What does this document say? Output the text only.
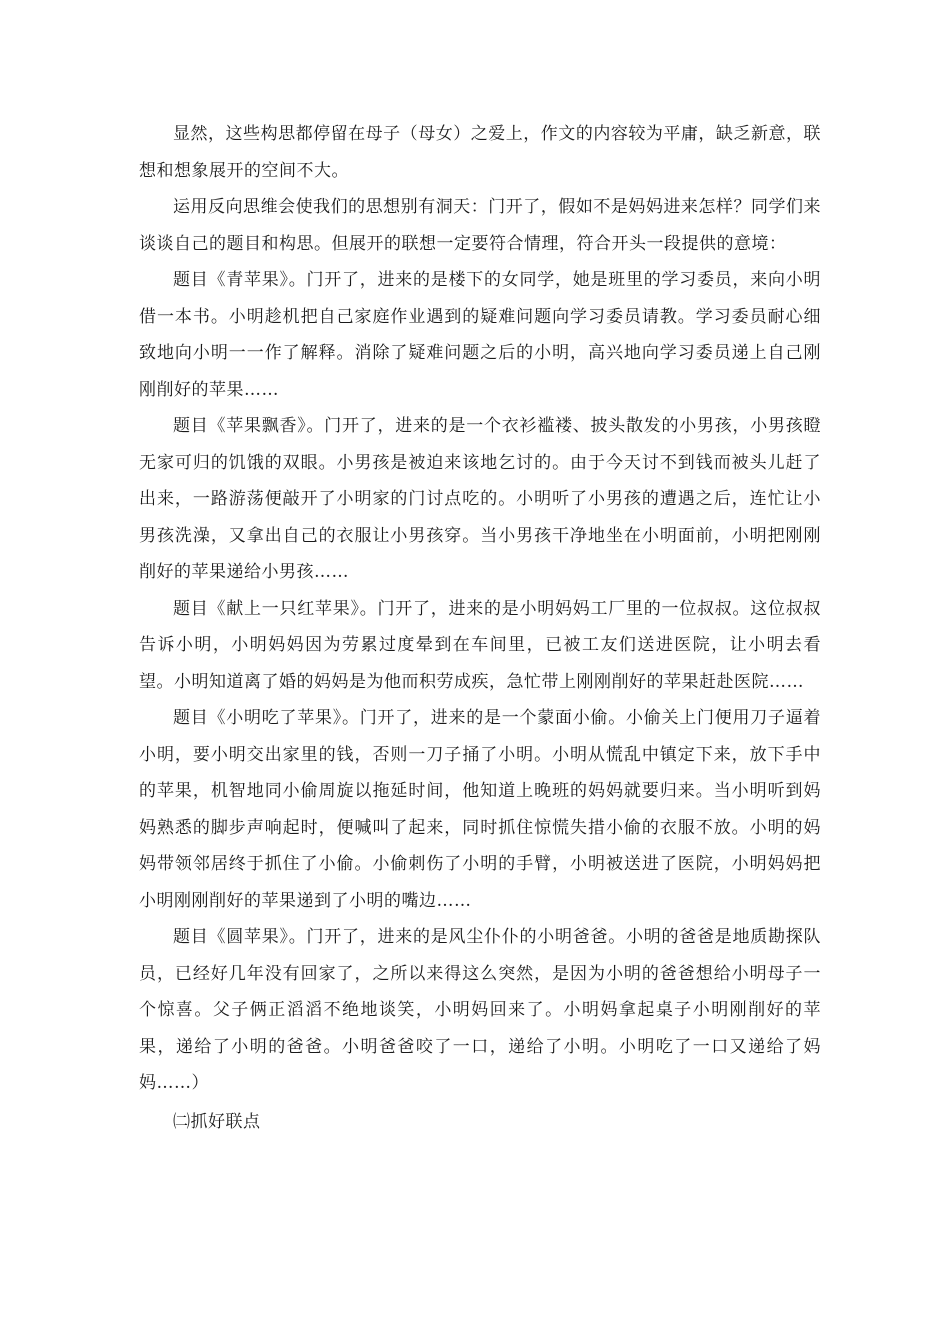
显然，这些构思都停留在母子（母女）之爱上，作文的内容较为平庸，缺乏新意，联想和想象展开的空间不大。

运用反向思维会使我们的思想别有洞天：门开了，假如不是妈妈进来怎样？同学们来谈谈自己的题目和构思。但展开的联想一定要符合情理，符合开头一段提供的意境：

题目《青苹果》。门开了，进来的是楼下的女同学，她是班里的学习委员，来向小明借一本书。小明趁机把自己家庭作业遇到的疑难问题向学习委员请教。学习委员耐心细致地向小明一一作了解释。消除了疑难问题之后的小明，高兴地向学习委员递上自己刚刚削好的苹果……

题目《苹果飘香》。门开了，进来的是一个衣衫褴褛、披头散发的小男孩，小男孩瞪无家可归的饥饿的双眼。小男孩是被迫来该地乞讨的。由于今天讨不到钱而被头儿赶了出来，一路游荡便敲开了小明家的门讨点吃的。小明听了小男孩的遭遇之后，连忙让小男孩洗澡，又拿出自己的衣服让小男孩穿。当小男孩干净地坐在小明面前，小明把刚刚削好的苹果递给小男孩……

题目《献上一只红苹果》。门开了，进来的是小明妈妈工厂里的一位叔叔。这位叔叔告诉小明，小明妈妈因为劳累过度晕到在车间里，已被工友们送进医院，让小明去看望。小明知道离了婚的妈妈是为他而积劳成疾，急忙带上刚刚削好的苹果赶赴医院……

题目《小明吃了苹果》。门开了，进来的是一个蒙面小偷。小偷关上门便用刀子逼着小明，要小明交出家里的钱，否则一刀子捅了小明。小明从慌乱中镇定下来，放下手中的苹果，机智地同小偷周旋以拖延时间，他知道上晚班的妈妈就要归来。当小明听到妈妈熟悉的脚步声响起时，便喊叫了起来，同时抓住惊慌失措小偷的衣服不放。小明的妈妈带领邻居终于抓住了小偷。小偷刺伤了小明的手臂，小明被送进了医院，小明妈妈把小明刚刚削好的苹果递到了小明的嘴边……

题目《圆苹果》。门开了，进来的是风尘仆仆的小明爸爸。小明的爸爸是地质勘探队员，已经好几年没有回家了，之所以来得这么突然，是因为小明的爸爸想给小明母子一个惊喜。父子俩正滔滔不绝地谈笑，小明妈回来了。小明妈拿起桌子小明刚削好的苹果，递给了小明的爸爸。小明爸爸咬了一口，递给了小明。小明吃了一口又递给了妈妈……）

㈡抓好联点
